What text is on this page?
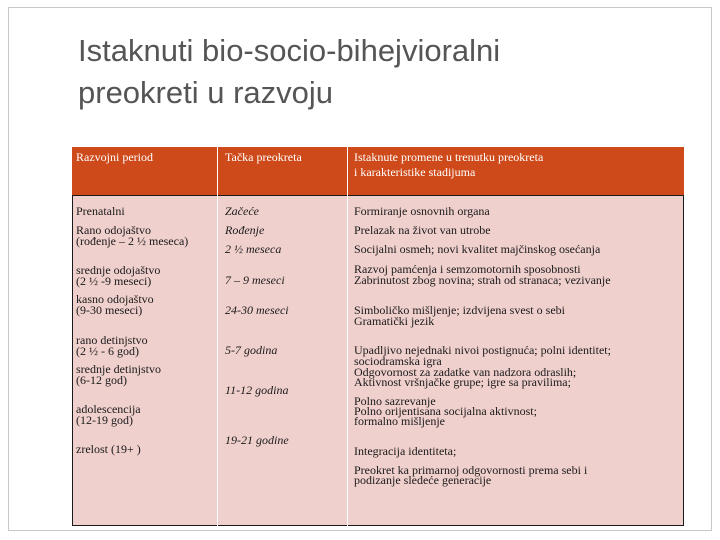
Istaknuti bio-socio-bihejvioralni
preokreti u razvoju
Razvojni period	Tačka preokreta	Istaknute promene u trenutku preokreta
i karakteristike stadijuma
Prenatalni
Rano odojaštvo
(rođenje – 2 ½ meseca)
srednje odojaštvo
(2 ½ -9 meseci)
kasno odojaštvo
(9-30 meseci)
rano detinjstvo
(2 ½ - 6 god)
srednje detinjstvo
(6-12 god)
adolescencija
(12-19 god)
zrelost (19+ )
Začeće
Rođenje
2 ½ meseca
7 – 9 meseci
24-30 meseci
5-7 godina
11-12 godina
19-21 godine
Formiranje osnovnih organa
Prelazak na život van utrobe
Socijalni osmeh; novi kvalitet majčinskog osećanja
Razvoj pamćenja i semzomotornih sposobnosti
Zabrinutost zbog novina; strah od stranaca; vezivanje
Simboličko mišljenje; izdvijena svest o sebi
Gramatički jezik
Upadljivo nejednaki nivoi postignuća; polni identitet;
sociodramska igra
Odgovornost za zadatke van nadzora odraslih;
Aktivnost vršnjačke grupe; igre sa pravilima;
Polno sazrevanje
Polno orijentisana socijalna aktivnost;
formalno mišljenje
Integracija identiteta;
Preokret ka primarnoj odgovornosti prema sebi i
podizanje sledeće generacije
